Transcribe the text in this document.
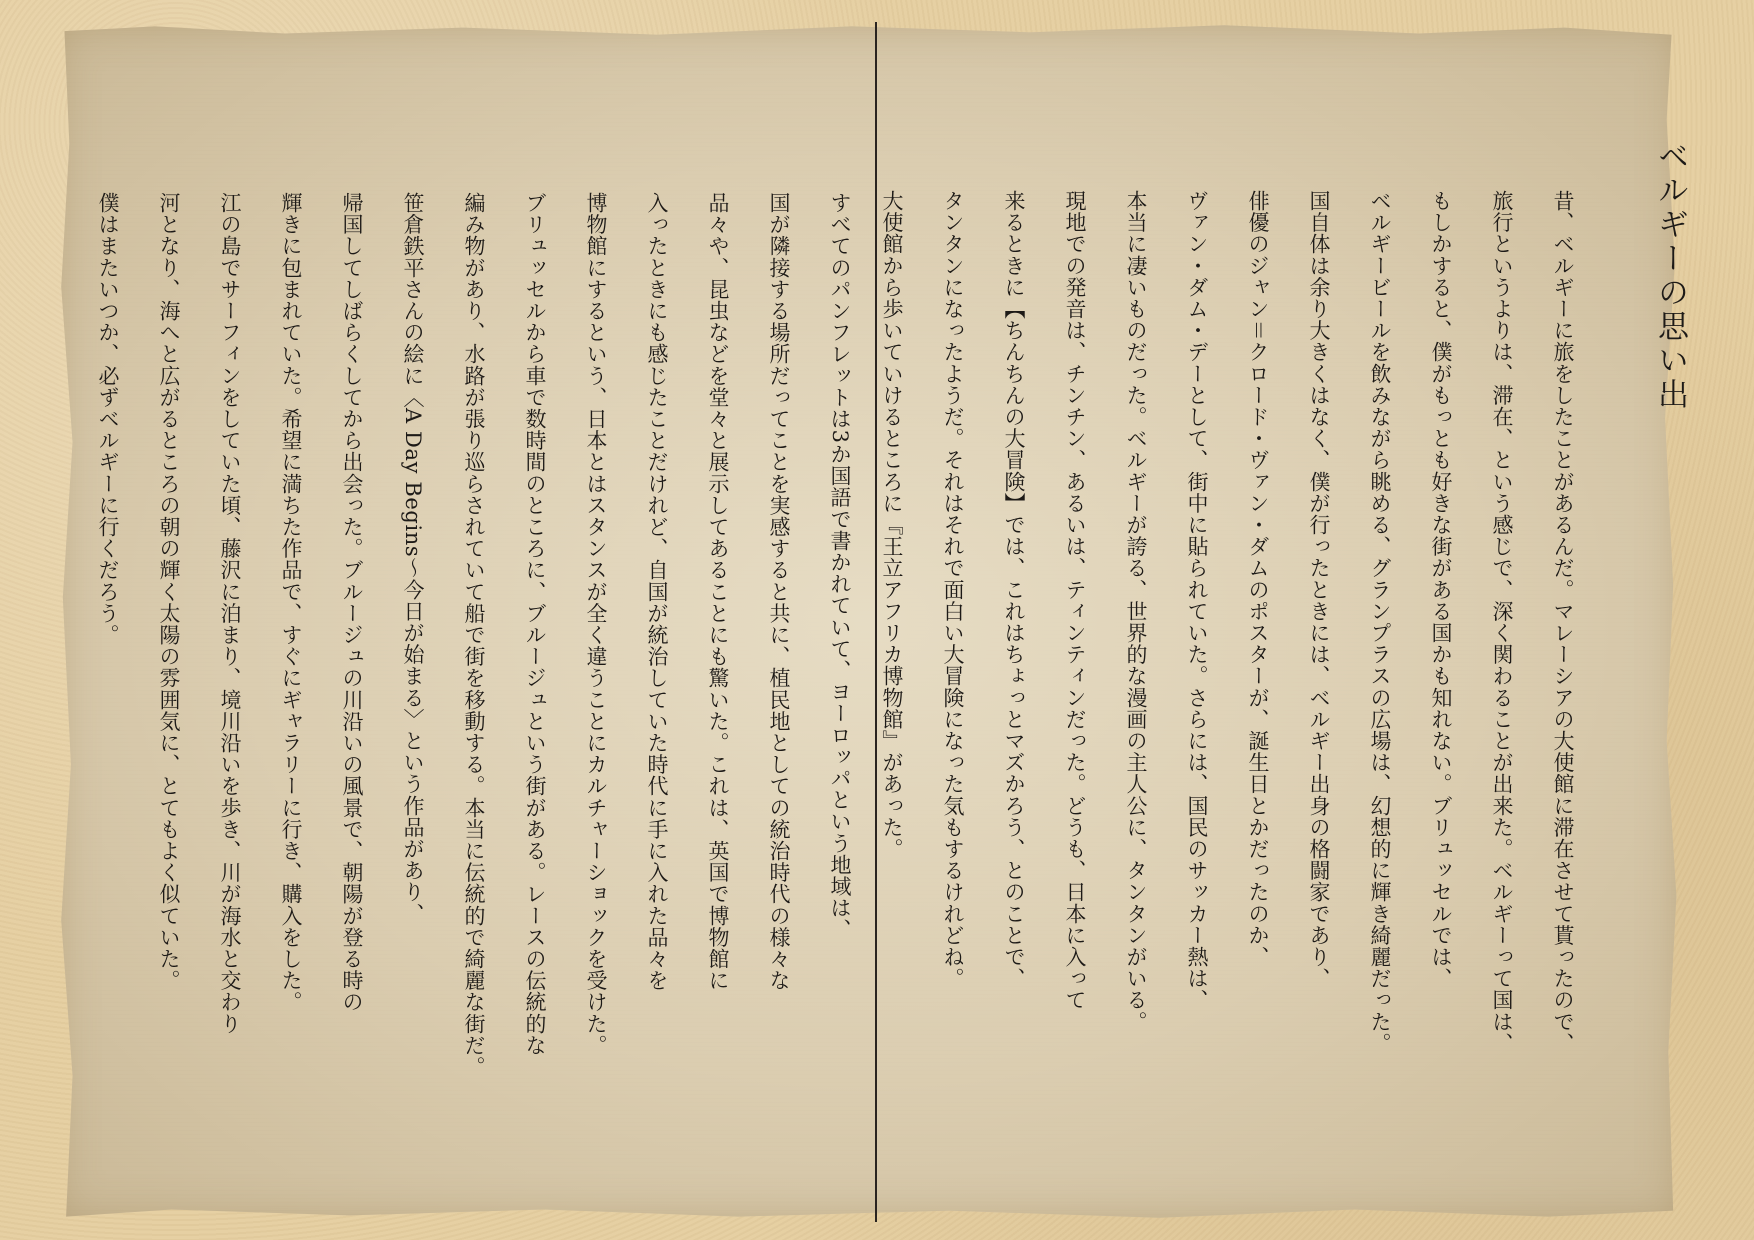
ベルギーの思い出
昔、ベルギーに旅をしたことがあるんだ。マレーシアの大使館に滞在させて貰ったので、
旅行というよりは、滞在、という感じで、深く関わることが出来た。ベルギーって国は、
もしかすると、僕がもっとも好きな街がある国かも知れない。ブリュッセルでは、
ベルギービールを飲みながら眺める、グランプラスの広場は、幻想的に輝き綺麗だった。
国自体は余り大きくはなく、僕が行ったときには、ベルギー出身の格闘家であり、
俳優のジャン＝クロード・ヴァン・ダムのポスターが、誕生日とかだったのか、
ヴァン・ダム・デーとして、街中に貼られていた。さらには、国民のサッカー熱は、
本当に凄いものだった。ベルギーが誇る、世界的な漫画の主人公に、タンタンがいる。
現地での発音は、チンチン、あるいは、ティンティンだった。どうも、日本に入って
来るときに【ちんちんの大冒険】では、これはちょっとマズかろう、とのことで、
タンタンになったようだ。それはそれで面白い大冒険になった気もするけれどね。
大使館から歩いていけるところに『王立アフリカ博物館』があった。
すべてのパンフレットは3か国語で書かれていて、ヨーロッパという地域は、
国が隣接する場所だってことを実感すると共に、植民地としての統治時代の様々な
品々や、昆虫などを堂々と展示してあることにも驚いた。これは、英国で博物館に
入ったときにも感じたことだけれど、自国が統治していた時代に手に入れた品々を
博物館にするという、日本とはスタンスが全く違うことにカルチャーショックを受けた。
ブリュッセルから車で数時間のところに、ブルージュという街がある。レースの伝統的な
編み物があり、水路が張り巡らされていて船で街を移動する。本当に伝統的で綺麗な街だ。
笹倉鉄平さんの絵に〈A Day Begins～今日が始まる〉という作品があり、
帰国してしばらくしてから出会った。ブルージュの川沿いの風景で、朝陽が登る時の
輝きに包まれていた。希望に満ちた作品で、すぐにギャラリーに行き、購入をした。
江の島でサーフィンをしていた頃、藤沢に泊まり、境川沿いを歩き、川が海水と交わり
河となり、海へと広がるところの朝の輝く太陽の雰囲気に、とてもよく似ていた。
僕はまたいつか、必ずベルギーに行くだろう。
